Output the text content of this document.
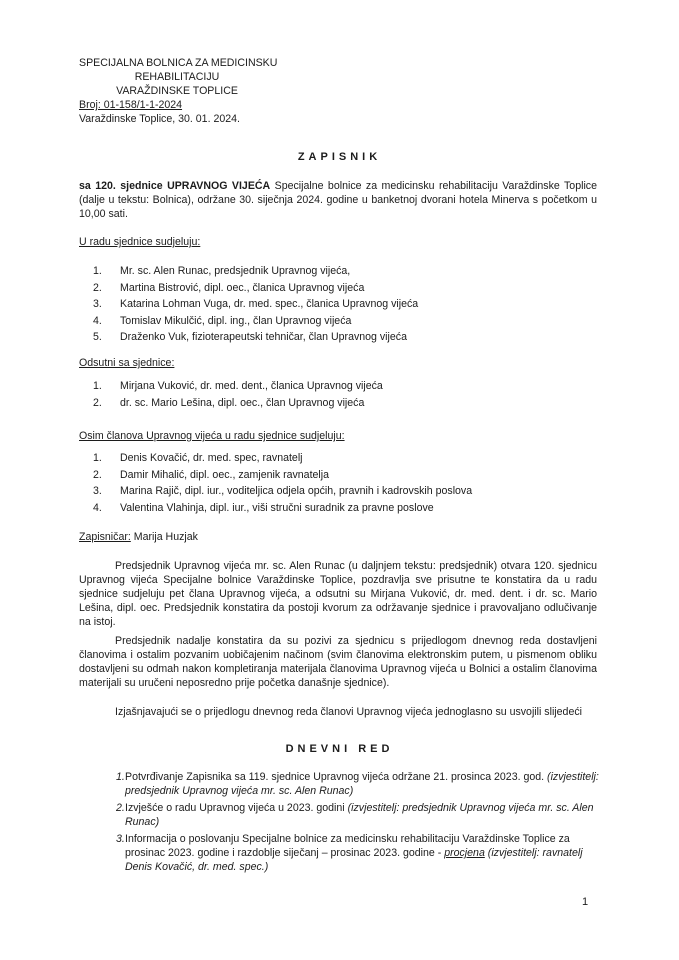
SPECIJALNA BOLNICA ZA MEDICINSKU
REHABILITACIJU
VARAŽDINSKE TOPLICE
Broj: 01-158/1-1-2024
Varaždinske Toplice, 30. 01. 2024.
ZAPISNIK
sa 120. sjednice UPRAVNOG VIJEĆA Specijalne bolnice za medicinsku rehabilitaciju Varaždinske Toplice (dalje u tekstu: Bolnica), održane 30. siječnja 2024. godine u banketnoj dvorani hotela Minerva s početkom u 10,00 sati.
U radu sjednice sudjeluju:
1.	Mr. sc. Alen Runac, predsjednik Upravnog vijeća,
2.	Martina Bistrović, dipl. oec., članica Upravnog vijeća
3.	Katarina Lohman Vuga, dr. med. spec., članica Upravnog vijeća
4.	Tomislav Mikulčić, dipl. ing., član Upravnog vijeća
5.	Draženko Vuk, fizioterapeutski tehničar, član Upravnog vijeća
Odsutni sa sjednice:
1.	Mirjana Vuković, dr. med. dent., članica Upravnog vijeća
2.	dr. sc. Mario Lešina, dipl. oec., član Upravnog vijeća
Osim članova Upravnog vijeća u radu sjednice sudjeluju:
1.	Denis Kovačić, dr. med. spec, ravnatelj
2.	Damir Mihalić, dipl. oec., zamjenik ravnatelja
3.	Marina Rajič, dipl. iur., voditeljica odjela općih, pravnih i kadrovskih poslova
4.	Valentina Vlahinja, dipl. iur., viši stručni suradnik za pravne poslove
Zapisničar: Marija Huzjak
Predsjednik Upravnog vijeća mr. sc. Alen Runac (u daljnjem tekstu: predsjednik) otvara 120. sjednicu Upravnog vijeća Specijalne bolnice Varaždinske Toplice, pozdravlja sve prisutne te konstatira da u radu sjednice sudjeluju pet člana Upravnog vijeća, a odsutni su Mirjana Vuković, dr. med. dent. i dr. sc. Mario Lešina, dipl. oec. Predsjednik konstatira da postoji kvorum za održavanje sjednice i pravovaljano odlučivanje na istoj.
Predsjednik nadalje konstatira da su pozivi za sjednicu s prijedlogom dnevnog reda dostavljeni članovima i ostalim pozvanim uobičajenim načinom (svim članovima elektronskim putem, u pismenom obliku dostavljeni su odmah nakon kompletiranja materijala članovima Upravnog vijeća u Bolnici a ostalim članovima materijali su uručeni neposredno prije početka današnje sjednice).
Izjašnjavajući se o prijedlogu dnevnog reda članovi Upravnog vijeća jednoglasno su usvojili slijedeći
DNEVNI RED
1. Potvrđivanje Zapisnika sa 119. sjednice Upravnog vijeća održane 21. prosinca 2023. god. (izvjestitelj: predsjednik Upravnog vijeća mr. sc. Alen Runac)
2. Izvješće o radu Upravnog vijeća u 2023. godini (izvjestitelj: predsjednik Upravnog vijeća mr. sc. Alen Runac)
3. Informacija o poslovanju Specijalne bolnice za medicinsku rehabilitaciju Varaždinske Toplice za prosinac 2023. godine i razdoblje siječanj – prosinac 2023. godine - procjena (izvjestitelj: ravnatelj Denis Kovačić, dr. med. spec.)
1
